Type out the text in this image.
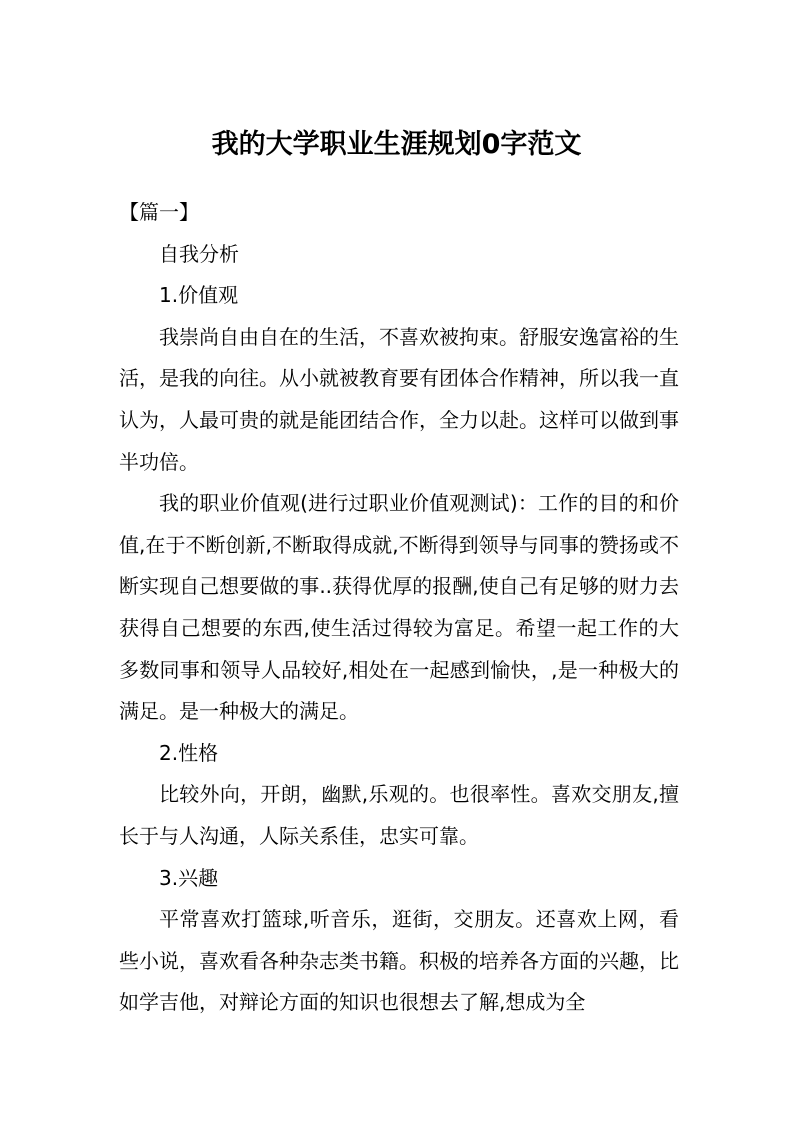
我的大学职业生涯规划0字范文

【篇一】

自我分析

1.价值观

我崇尚自由自在的生活，不喜欢被拘束。舒服安逸富裕的生活，是我的向往。从小就被教育要有团体合作精神，所以我一直认为，人最可贵的就是能团结合作，全力以赴。这样可以做到事半功倍。

我的职业价值观(进行过职业价值观测试)：工作的目的和价值,在于不断创新,不断取得成就,不断得到领导与同事的赞扬或不断实现自己想要做的事..获得优厚的报酬,使自己有足够的财力去获得自己想要的东西,使生活过得较为富足。希望一起工作的大多数同事和领导人品较好,相处在一起感到愉快，,是一种极大的满足。是一种极大的满足。

2.性格

比较外向，开朗，幽默,乐观的。也很率性。喜欢交朋友,擅长于与人沟通，人际关系佳，忠实可靠。

3.兴趣

平常喜欢打篮球,听音乐，逛街，交朋友。还喜欢上网，看些小说，喜欢看各种杂志类书籍。积极的培养各方面的兴趣，比如学吉他，对辩论方面的知识也很想去了解,想成为全
